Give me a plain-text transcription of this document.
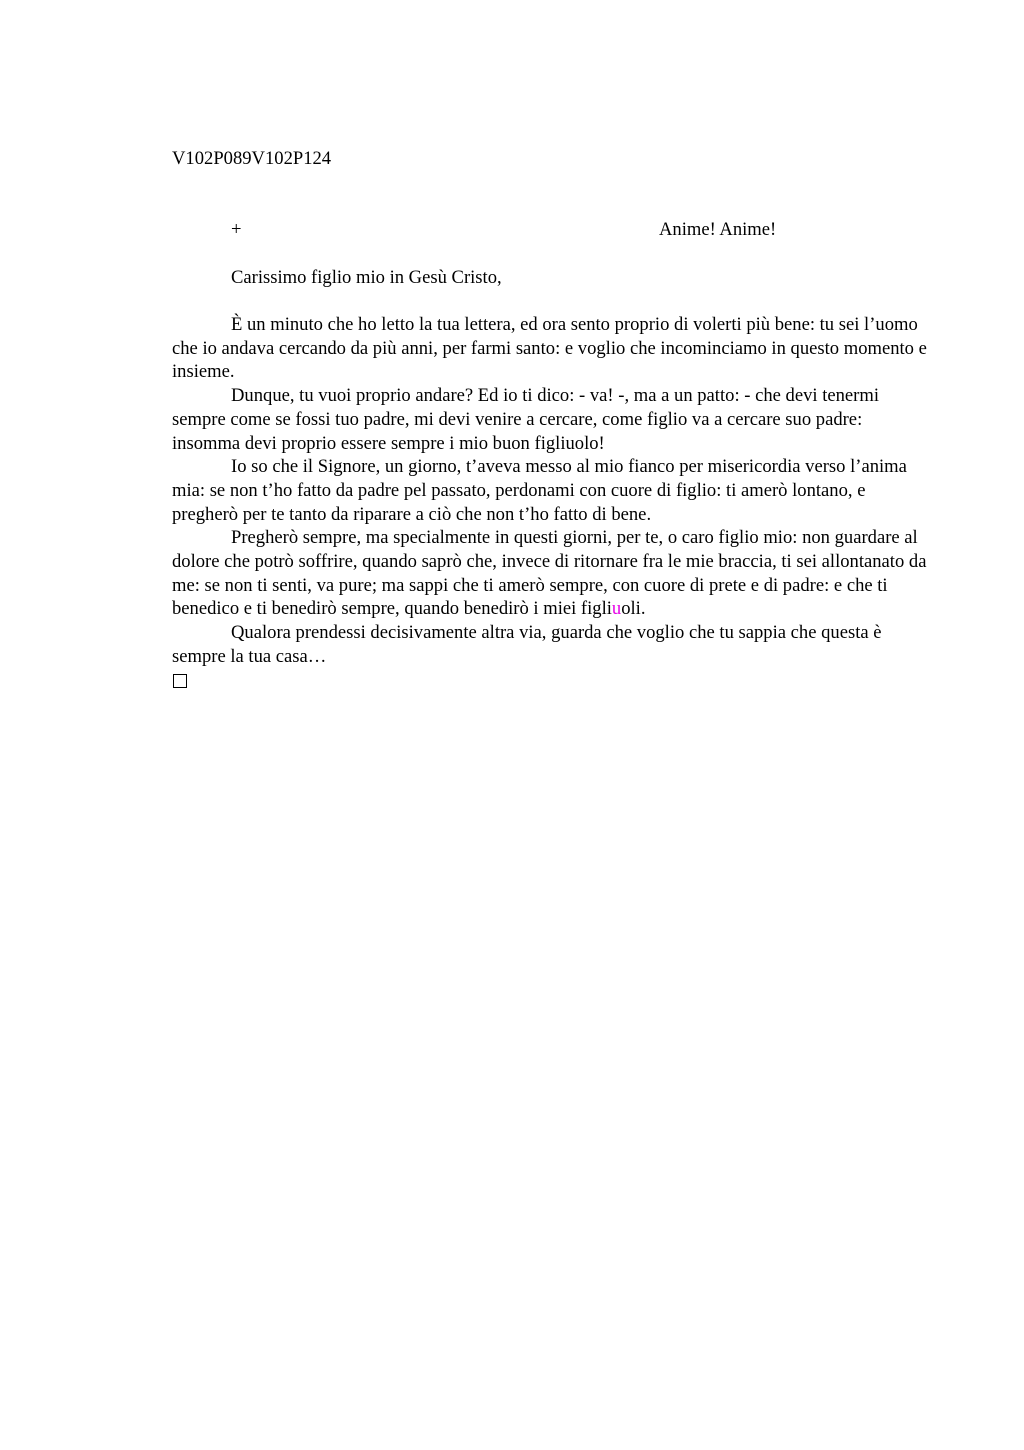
V102P089V102P124
+	Anime! Anime!
Carissimo figlio mio in Gesù Cristo,

È un minuto che ho letto la tua lettera, ed ora sento proprio di volerti più bene: tu sei l’uomo che io andava cercando da più anni, per farmi santo: e voglio che incominciamo in questo momento e insieme.

Dunque, tu vuoi proprio andare? Ed io ti dico: - va! -, ma a un patto: - che devi tenermi sempre come se fossi tuo padre, mi devi venire a cercare, come figlio va a cercare suo padre: insomma devi proprio essere sempre i mio buon figliuolo!

Io so che il Signore, un giorno, t’aveva messo al mio fianco per misericordia verso l’anima mia: se non t’ho fatto da padre pel passato, perdonami con cuore di figlio: ti amerò lontano, e pregherò per te tanto da riparare a ciò che non t’ho fatto di bene.

Pregherò sempre, ma specialmente in questi giorni, per te, o caro figlio mio: non guardare al dolore che potrò soffrire, quando saprò che, invece di ritornare fra le mie braccia, ti sei allontanato da me: se non ti senti, va pure; ma sappi che ti amerò sempre, con cuore di prete e di padre: e che ti benedico e ti benedirò sempre, quando benedirò i miei figliuoli.

Qualora prendessi decisivamente altra via, guarda che voglio che tu sappia che questa è sempre la tua casa…
